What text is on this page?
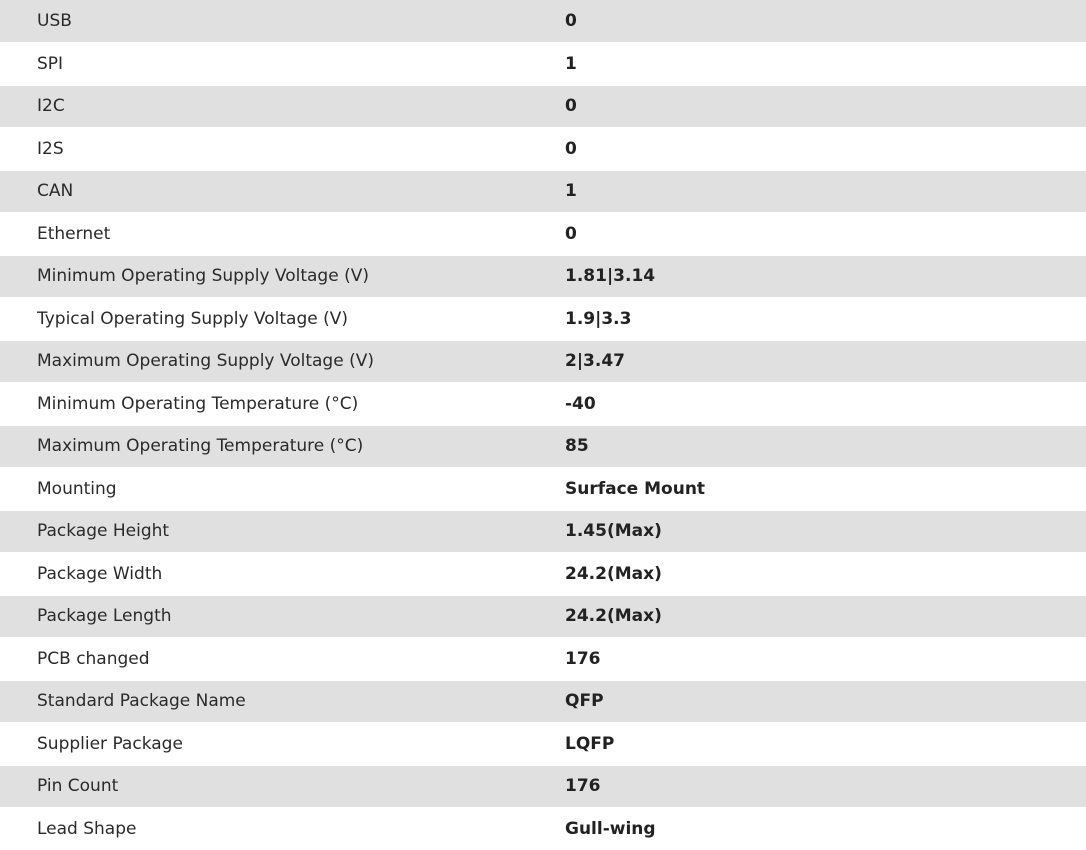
USB	0
SPI	1
I2C	0
I2S	0
CAN	1
Ethernet	0
Minimum Operating Supply Voltage (V)	1.81|3.14
Typical Operating Supply Voltage (V)	1.9|3.3
Maximum Operating Supply Voltage (V)	2|3.47
Minimum Operating Temperature (°C)	-40
Maximum Operating Temperature (°C)	85
Mounting	Surface Mount
Package Height	1.45(Max)
Package Width	24.2(Max)
Package Length	24.2(Max)
PCB changed	176
Standard Package Name	QFP
Supplier Package	LQFP
Pin Count	176
Lead Shape	Gull-wing
